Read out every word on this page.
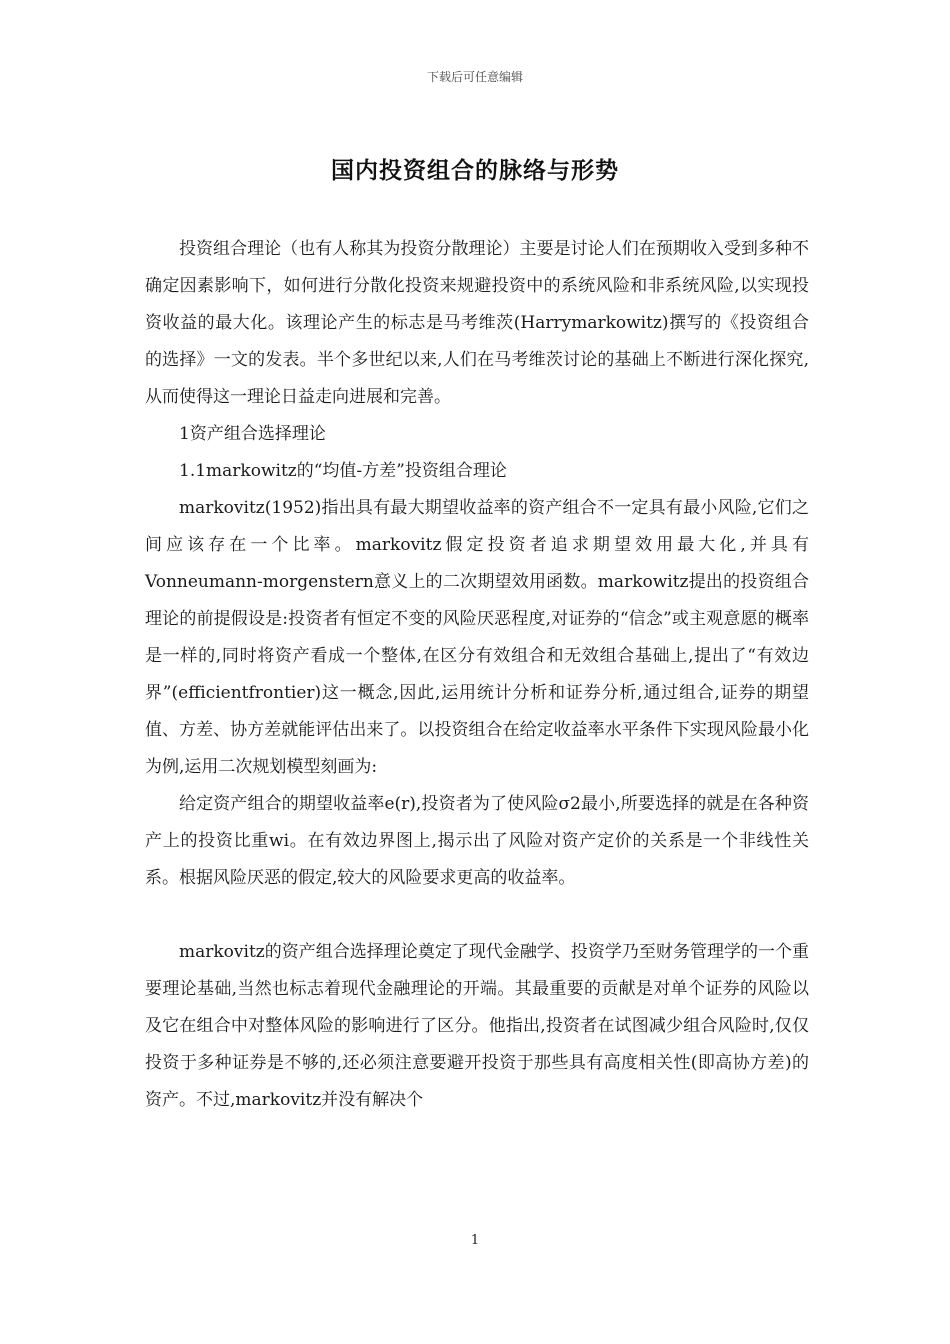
下载后可任意编辑
国内投资组合的脉络与形势

投资组合理论（也有人称其为投资分散理论）主要是讨论人们在预期收入受到多种不确定因素影响下，如何进行分散化投资来规避投资中的系统风险和非系统风险,以实现投资收益的最大化。该理论产生的标志是马考维茨(Harrymarkowitz)撰写的《投资组合的选择》一文的发表。半个多世纪以来,人们在马考维茨讨论的基础上不断进行深化探究,从而使得这一理论日益走向进展和完善。

1资产组合选择理论

1.1markowitz的“均值-方差”投资组合理论

markovitz(1952)指出具有最大期望收益率的资产组合不一定具有最小风险,它们之间应该存在一个比率。markovitz假定投资者追求期望效用最大化,并具有Vonneumann-morgenstern意义上的二次期望效用函数。markowitz提出的投资组合理论的前提假设是:投资者有恒定不变的风险厌恶程度,对证券的“信念”或主观意愿的概率是一样的,同时将资产看成一个整体,在区分有效组合和无效组合基础上,提出了“有效边界”(efficientfrontier)这一概念,因此,运用统计分析和证券分析,通过组合,证券的期望值、方差、协方差就能评估出来了。以投资组合在给定收益率水平条件下实现风险最小化为例,运用二次规划模型刻画为:

给定资产组合的期望收益率e(r),投资者为了使风险σ2最小,所要选择的就是在各种资产上的投资比重wi。在有效边界图上,揭示出了风险对资产定价的关系是一个非线性关系。根据风险厌恶的假定,较大的风险要求更高的收益率。

markovitz的资产组合选择理论奠定了现代金融学、投资学乃至财务管理学的一个重要理论基础,当然也标志着现代金融理论的开端。其最重要的贡献是对单个证券的风险以及它在组合中对整体风险的影响进行了区分。他指出,投资者在试图减少组合风险时,仅仅投资于多种证券是不够的,还必须注意要避开投资于那些具有高度相关性(即高协方差)的资产。不过,markovitz并没有解决个

1
